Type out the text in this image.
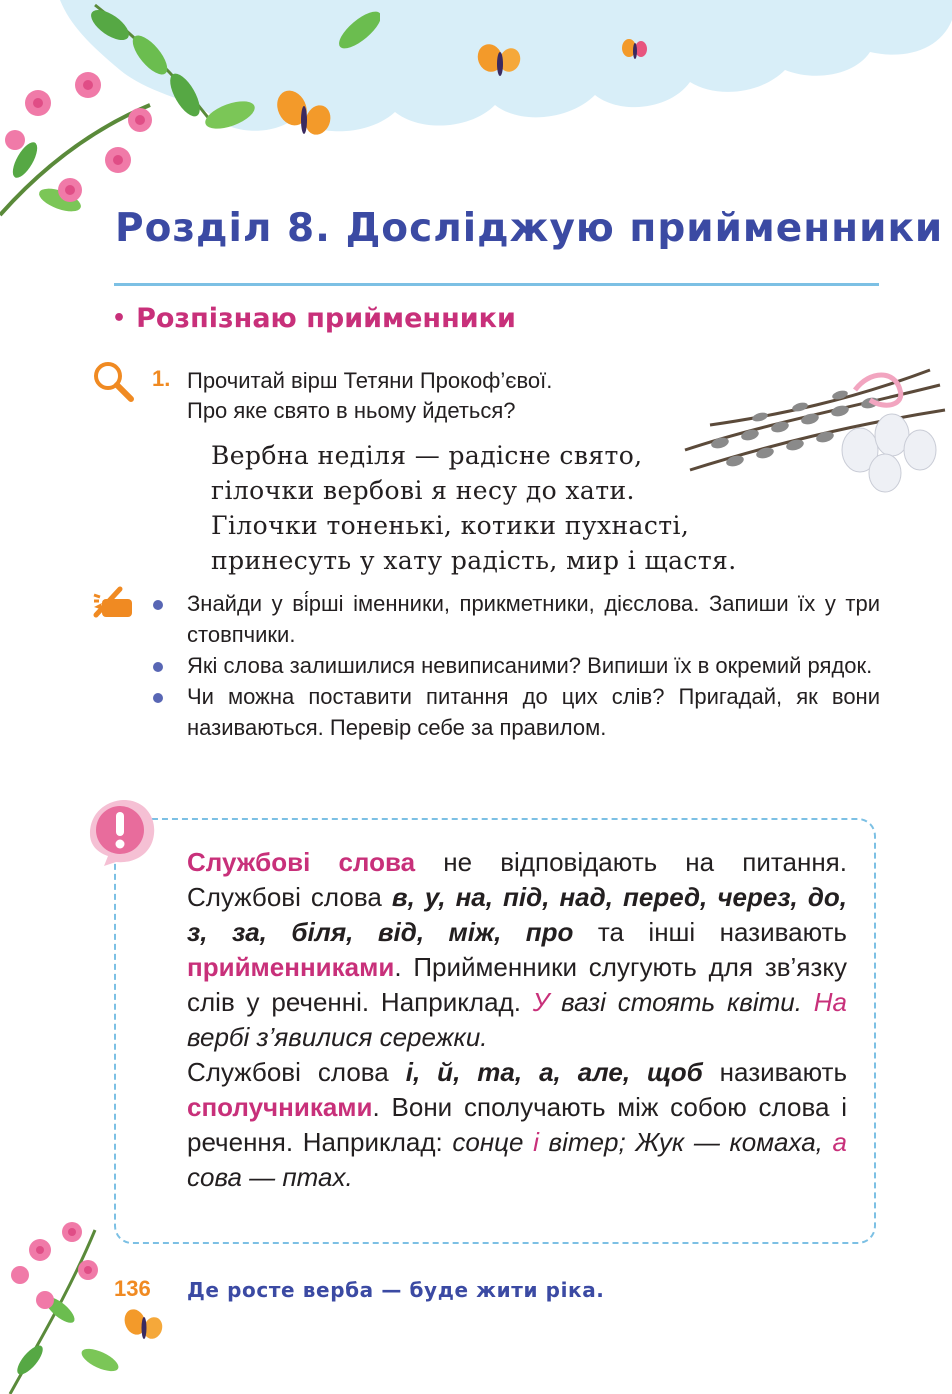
Розділ 8. Досліджую прийменники
• Розпізнаю прийменники
1. Прочитай вірш Тетяни Прокоф’євої.
Про яке свято в ньому йдеться?
Вербна неділя — радісне свято,
гілочки вербові я несу до хати.
Гілочки тоненькі, котики пухнасті,
принесуть у хату радість, мир і щастя.
Знайди у ві́рші іменники, прикметники, дієслова. Запиши їх у три стовпчики.
Які слова залишилися невиписаними? Випиши їх в окремий рядок.
Чи можна поставити питання до цих слів? Пригадай, як вони називаються. Перевір себе за правилом.
Службові слова не відповідають на питання. Службові слова в, у, на, під, над, перед, через, до, з, за, біля, від, між, про та інші називають прийменниками. Прийменники слугують для зв’язку слів у реченні. Наприклад. У вазі стоять квіти. На вербі з’явилися сережки.
Службові слова і, й, та, а, але, щоб називають сполучниками. Вони сполучають між собою слова і речення. Наприклад: сонце і вітер; Жук — комаха, а сова — птах.
136 Де росте верба — буде жити ріка.
